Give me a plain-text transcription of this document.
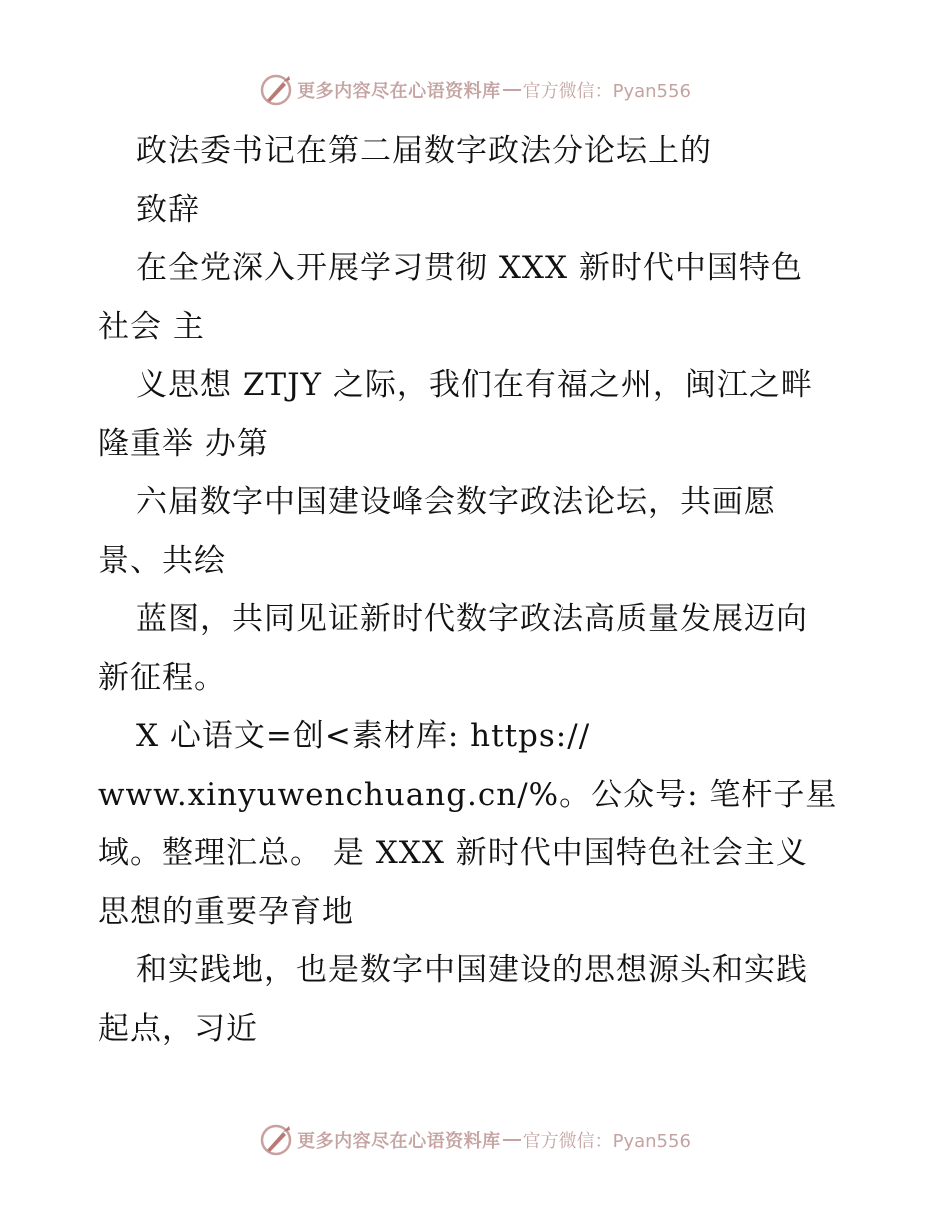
更多内容尽在心语资料库 官方微信：Pyan556
政法委书记在第二届数字政法分论坛上的
致辞
在全党深入开展学习贯彻 XXX 新时代中国特色
社会 主
义思想 ZTJY 之际，我们在有福之州，闽江之畔
隆重举 办第
六届数字中国建设峰会数字政法论坛，共画愿
景、共绘
蓝图，共同见证新时代数字政法高质量发展迈向
新征程。
X 心语文=创<素材库: https://
www.xinyuwenchuang.cn/%。公众号: 笔杆子星
域。整理汇总。 是 XXX 新时代中国特色社会主义
思想的重要孕育地
和实践地，也是数字中国建设的思想源头和实践
起点，习近
更多内容尽在心语资料库 官方微信：Pyan556
